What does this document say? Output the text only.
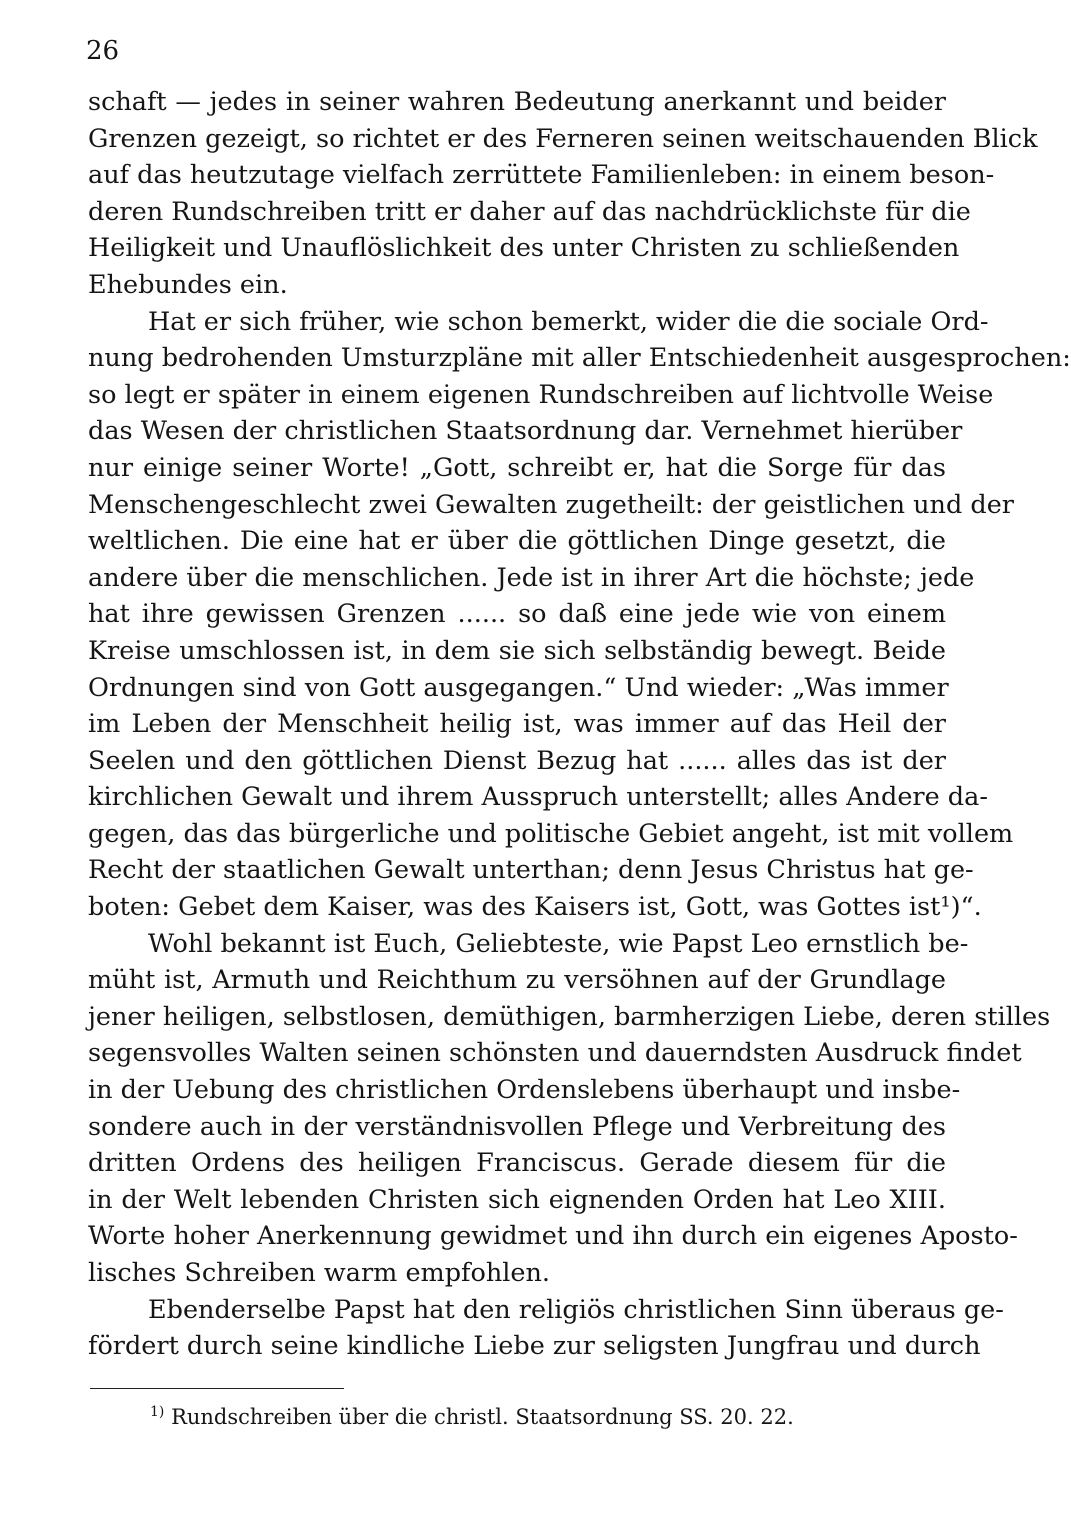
26
schaft — jedes in seiner wahren Bedeutung anerkannt und beider
Grenzen gezeigt, so richtet er des Ferneren seinen weitschauenden Blick
auf das heutzutage vielfach zerrüttete Familienleben: in einem beson-
deren Rundschreiben tritt er daher auf das nachdrücklichste für die
Heiligkeit und Unauflöslichkeit des unter Christen zu schließenden
Ehebundes ein.
Hat er sich früher, wie schon bemerkt, wider die die sociale Ord-
nung bedrohenden Umsturzpläne mit aller Entschiedenheit ausgesprochen:
so legt er später in einem eigenen Rundschreiben auf lichtvolle Weise
das Wesen der christlichen Staatsordnung dar. Vernehmet hierüber
nur einige seiner Worte! „Gott, schreibt er, hat die Sorge für das
Menschengeschlecht zwei Gewalten zugetheilt: der geistlichen und der
weltlichen. Die eine hat er über die göttlichen Dinge gesetzt, die
andere über die menschlichen. Jede ist in ihrer Art die höchste; jede
hat ihre gewissen Grenzen ...... so daß eine jede wie von einem
Kreise umschlossen ist, in dem sie sich selbständig bewegt. Beide
Ordnungen sind von Gott ausgegangen.“ Und wieder: „Was immer
im Leben der Menschheit heilig ist, was immer auf das Heil der
Seelen und den göttlichen Dienst Bezug hat ...... alles das ist der
kirchlichen Gewalt und ihrem Ausspruch unterstellt; alles Andere da-
gegen, das das bürgerliche und politische Gebiet angeht, ist mit vollem
Recht der staatlichen Gewalt unterthan; denn Jesus Christus hat ge-
boten: Gebet dem Kaiser, was des Kaisers ist, Gott, was Gottes ist¹)“.
Wohl bekannt ist Euch, Geliebteste, wie Papst Leo ernstlich be-
müht ist, Armuth und Reichthum zu versöhnen auf der Grundlage
jener heiligen, selbstlosen, demüthigen, barmherzigen Liebe, deren stilles
segensvolles Walten seinen schönsten und dauerndsten Ausdruck findet
in der Uebung des christlichen Ordenslebens überhaupt und insbe-
sondere auch in der verständnisvollen Pflege und Verbreitung des
dritten Ordens des heiligen Franciscus. Gerade diesem für die
in der Welt lebenden Christen sich eignenden Orden hat Leo XIII.
Worte hoher Anerkennung gewidmet und ihn durch ein eigenes Aposto-
lisches Schreiben warm empfohlen.
Ebenderselbe Papst hat den religiös christlichen Sinn überaus ge-
fördert durch seine kindliche Liebe zur seligsten Jungfrau und durch
$^{1)}$ Rundschreiben über die christl. Staatsordnung SS. 20. 22.
